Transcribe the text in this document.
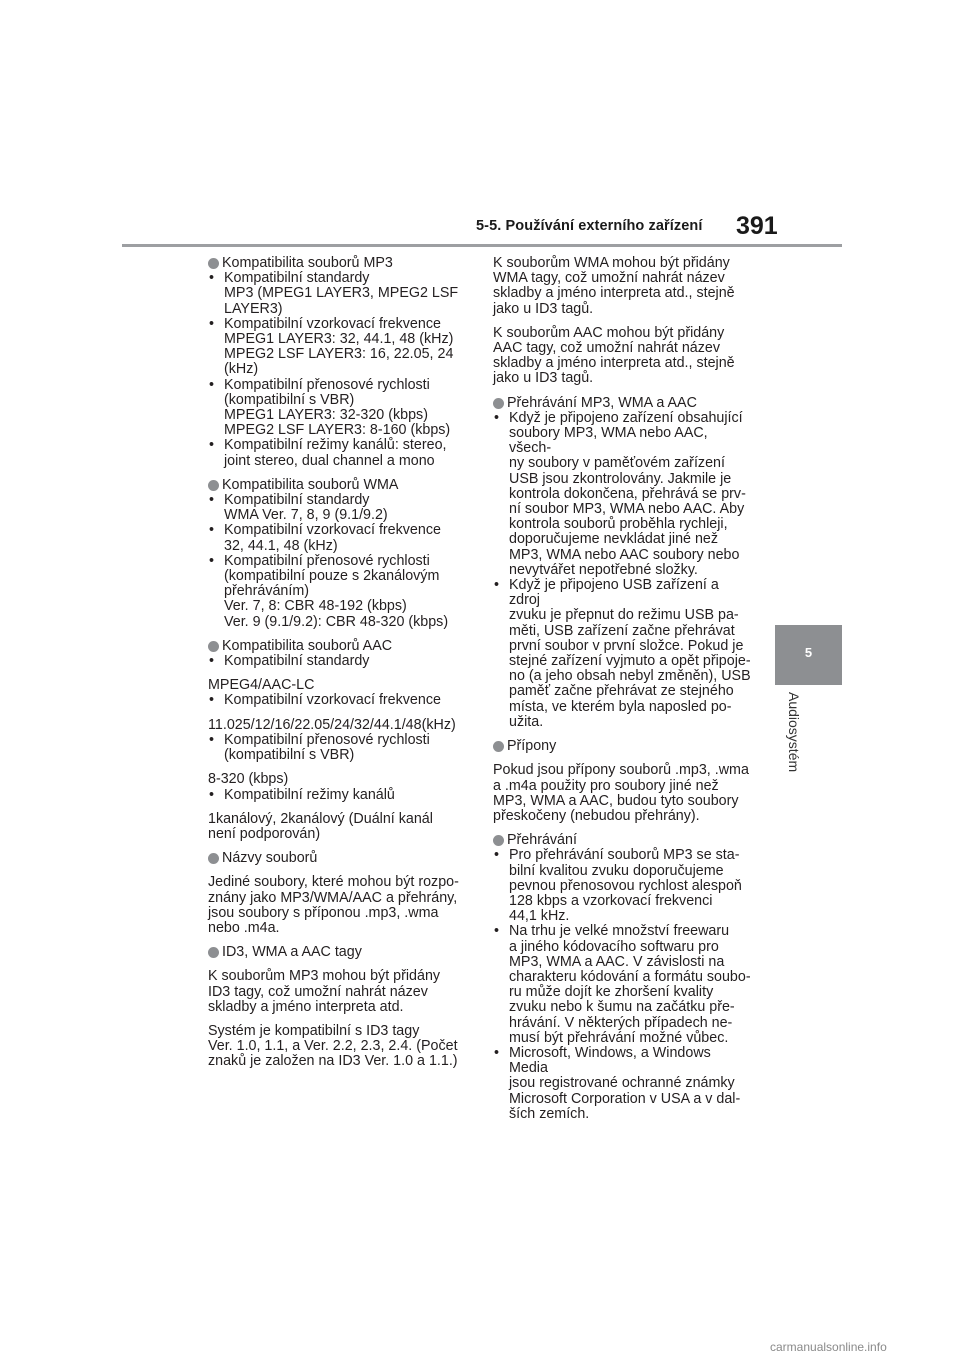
5-5. Používání externího zařízení 391
5
Audiosystém
Kompatibilita souborů MP3
• Kompatibilní standardy
MP3 (MPEG1 LAYER3, MPEG2 LSF
LAYER3)
• Kompatibilní vzorkovací frekvence
MPEG1 LAYER3: 32, 44.1, 48 (kHz)
MPEG2 LSF LAYER3: 16, 22.05, 24
(kHz)
• Kompatibilní přenosové rychlosti
(kompatibilní s VBR)
MPEG1 LAYER3: 32-320 (kbps)
MPEG2 LSF LAYER3: 8-160 (kbps)
• Kompatibilní režimy kanálů: stereo,
joint stereo, dual channel a mono
Kompatibilita souborů WMA
• Kompatibilní standardy
WMA Ver. 7, 8, 9 (9.1/9.2)
• Kompatibilní vzorkovací frekvence
32, 44.1, 48 (kHz)
• Kompatibilní přenosové rychlosti
(kompatibilní pouze s 2kanálovým
přehráváním)
Ver. 7, 8: CBR 48-192 (kbps)
Ver. 9 (9.1/9.2): CBR 48-320 (kbps)
Kompatibilita souborů AAC
• Kompatibilní standardy
MPEG4/AAC-LC
• Kompatibilní vzorkovací frekvence
11.025/12/16/22.05/24/32/44.1/48(kHz)
• Kompatibilní přenosové rychlosti
(kompatibilní s VBR)
8-320 (kbps)
• Kompatibilní režimy kanálů
1kanálový, 2kanálový (Duální kanál
není podporován)
Názvy souborů
Jediné soubory, které mohou být rozpo-
znány jako MP3/WMA/AAC a přehrány,
jsou soubory s příponou .mp3, .wma
nebo .m4a.
ID3, WMA a AAC tagy
K souborům MP3 mohou být přidány
ID3 tagy, což umožní nahrát název
skladby a jméno interpreta atd.
Systém je kompatibilní s ID3 tagy
Ver. 1.0, 1.1, a Ver. 2.2, 2.3, 2.4. (Počet
znaků je založen na ID3 Ver. 1.0 a 1.1.)
K souborům WMA mohou být přidány
WMA tagy, což umožní nahrát název
skladby a jméno interpreta atd., stejně
jako u ID3 tagů.
K souborům AAC mohou být přidány
AAC tagy, což umožní nahrát název
skladby a jméno interpreta atd., stejně
jako u ID3 tagů.
Přehrávání MP3, WMA a AAC
• Když je připojeno zařízení obsahující
soubory MP3, WMA nebo AAC, všech-
ny soubory v paměťovém zařízení
USB jsou zkontrolovány. Jakmile je
kontrola dokončena, přehrává se prv-
ní soubor MP3, WMA nebo AAC. Aby
kontrola souborů proběhla rychleji,
doporučujeme nevkládat jiné než
MP3, WMA nebo AAC soubory nebo
nevytvářet nepotřebné složky.
• Když je připojeno USB zařízení a zdroj
zvuku je přepnut do režimu USB pa-
měti, USB zařízení začne přehrávat
první soubor v první složce. Pokud je
stejné zařízení vyjmuto a opět připoje-
no (a jeho obsah nebyl změněn), USB
paměť začne přehrávat ze stejného
místa, ve kterém byla naposled po-
užita.
Přípony
Pokud jsou přípony souborů .mp3, .wma
a .m4a použity pro soubory jiné než
MP3, WMA a AAC, budou tyto soubory
přeskočeny (nebudou přehrány).
Přehrávání
• Pro přehrávání souborů MP3 se sta-
bilní kvalitou zvuku doporučujeme
pevnou přenosovou rychlost alespoň
128 kbps a vzorkovací frekvenci
44,1 kHz.
• Na trhu je velké množství freewaru
a jiného kódovacího softwaru pro
MP3, WMA a AAC. V závislosti na
charakteru kódování a formátu soubo-
ru může dojít ke zhoršení kvality
zvuku nebo k šumu na začátku pře-
hrávání. V některých případech ne-
musí být přehrávání možné vůbec.
• Microsoft, Windows, a Windows Media
jsou registrované ochranné známky
Microsoft Corporation v USA a v dal-
ších zemích.
carmanualsonline.info
